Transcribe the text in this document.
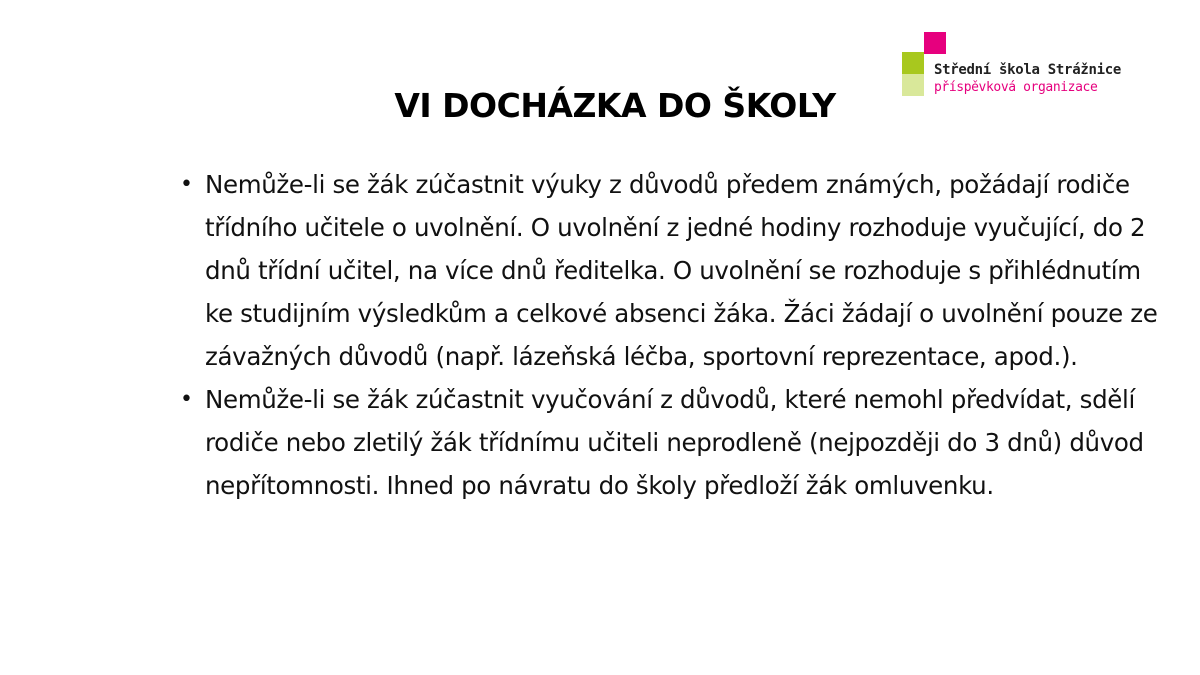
Střední škola Strážnice
příspěvková organizace
VI DOCHÁZKA DO ŠKOLY
• Nemůže-li se žák zúčastnit výuky z důvodů předem známých, požádají rodiče třídního učitele o uvolnění. O uvolnění z jedné hodiny rozhoduje vyučující, do 2 dnů třídní učitel, na více dnů ředitelka. O uvolnění se rozhoduje s přihlédnutím ke studijním výsledkům a celkové absenci žáka. Žáci žádají o uvolnění pouze ze závažných důvodů (např. lázeňská léčba, sportovní reprezentace, apod.).
• Nemůže-li se žák zúčastnit vyučování z důvodů, které nemohl předvídat, sdělí rodiče nebo zletilý žák třídnímu učiteli neprodleně (nejpozději do 3 dnů) důvod nepřítomnosti. Ihned po návratu do školy předloží žák omluvenku.
